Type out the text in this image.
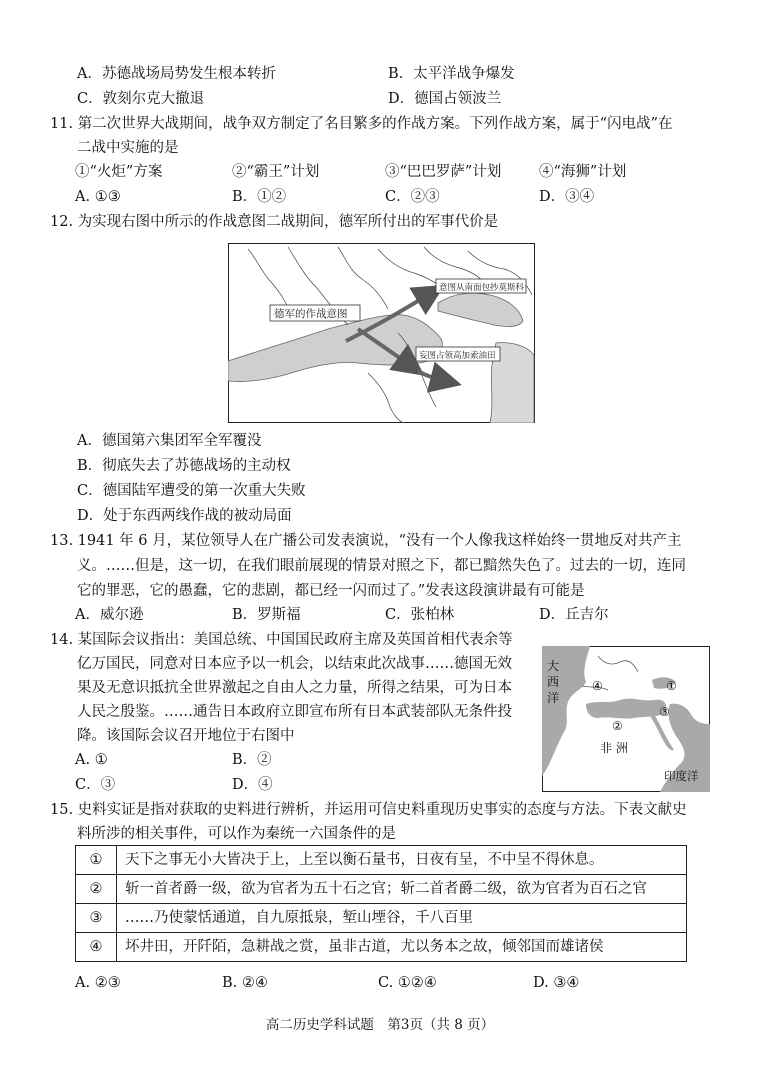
A．苏德战场局势发生根本转折	B．太平洋战争爆发
C．敦刻尔克大撤退	D．德国占领波兰
11. 第二次世界大战期间，战争双方制定了名目繁多的作战方案。下列作战方案，属于“闪电战”在
二战中实施的是
①“火炬”方案	②“霸王”计划	③“巴巴罗萨”计划	④“海狮”计划
A. ①③	B．①②	C．②③	D．③④
12. 为实现右图中所示的作战意图二战期间，德军所付出的军事代价是
德军的作战意图
意图从南面包抄莫斯科
妄图占领高加索油田
A．德国第六集团军全军覆没
B．彻底失去了苏德战场的主动权
C．德国陆军遭受的第一次重大失败
D．处于东西两线作战的被动局面
13. 1941 年 6 月，某位领导人在广播公司发表演说，“没有一个人像我这样始终一贯地反对共产主
义。……但是，这一切，在我们眼前展现的情景对照之下，都已黯然失色了。过去的一切，连同
它的罪恶，它的愚蠢，它的悲剧，都已经一闪而过了。”发表这段演讲最有可能是
A．威尔逊	B．罗斯福	C．张柏林	D．丘吉尔
14. 某国际会议指出：美国总统、中国国民政府主席及英国首相代表余等
亿万国民，同意对日本应予以一机会，以结束此次战事……德国无效
果及无意识抵抗全世界激起之自由人之力量，所得之结果，可为日本
人民之殷鉴。……通告日本政府立即宣布所有日本武装部队无条件投
降。该国际会议召开地位于右图中
A. ①	B．②
C．③	D．④
大
西
洋
非 洲
印度洋
①
②
③
④
15. 史料实证是指对获取的史料进行辨析，并运用可信史料重现历史事实的态度与方法。下表文献史
料所涉的相关事件，可以作为秦统一六国条件的是
①	天下之事无小大皆决于上，上至以衡石量书，日夜有呈，不中呈不得休息。
②	斩一首者爵一级，欲为官者为五十石之官；斩二首者爵二级，欲为官者为百石之官
③	……乃使蒙恬通道，自九原抵泉，堑山堙谷，千八百里
④	坏井田，开阡陌，急耕战之赏，虽非古道，尤以务本之故，倾邻国而雄诸侯
A. ②③	B. ②④	C. ①②④	D. ③④
高二历史学科试题　第3页（共 8 页）
